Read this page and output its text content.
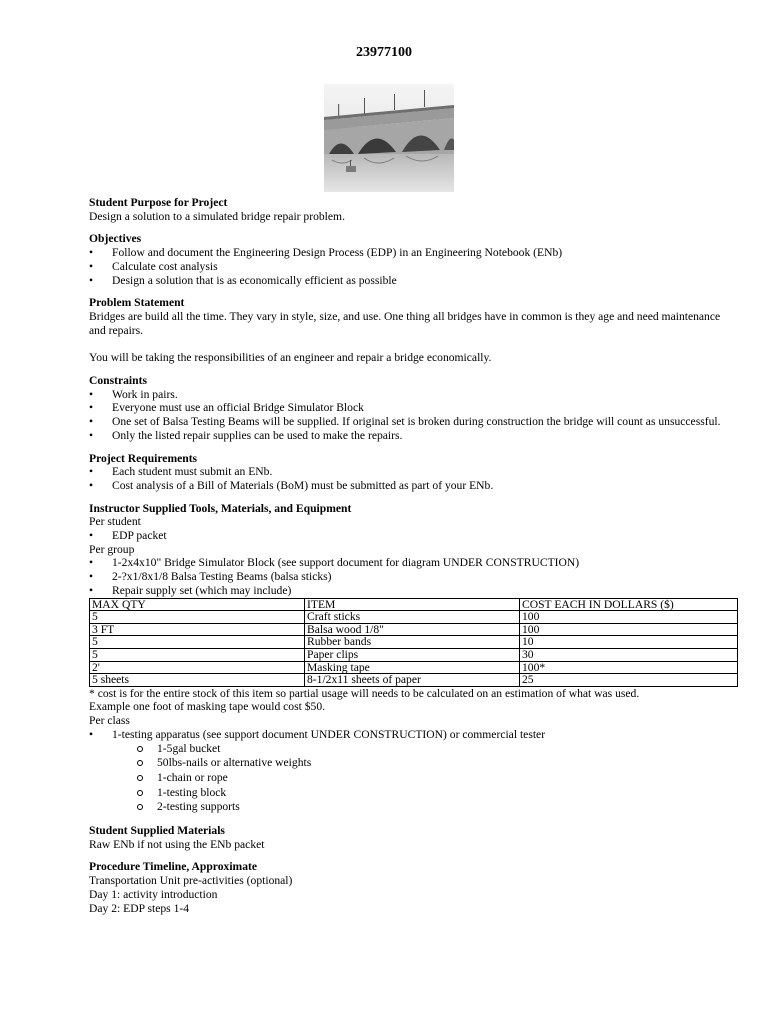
23977100
Student Purpose for Project
Design a solution to a simulated bridge repair problem.
Objectives
• Follow and document the Engineering Design Process (EDP) in an Engineering Notebook (ENb)
• Calculate cost analysis
• Design a solution that is as economically efficient as possible
Problem Statement
Bridges are build all the time. They vary in style, size, and use. One thing all bridges have in common is they age and need maintenance and repairs.
You will be taking the responsibilities of an engineer and repair a bridge economically.
Constraints
• Work in pairs.
• Everyone must use an official Bridge Simulator Block
• One set of Balsa Testing Beams will be supplied. If original set is broken during construction the bridge will count as unsuccessful.
• Only the listed repair supplies can be used to make the repairs.
Project Requirements
• Each student must submit an ENb.
• Cost analysis of a Bill of Materials (BoM) must be submitted as part of your ENb.
Instructor Supplied Tools, Materials, and Equipment
Per student
• EDP packet
Per group
• 1-2x4x10" Bridge Simulator Block (see support document for diagram UNDER CONSTRUCTION)
• 2-?x1/8x1/8 Balsa Testing Beams (balsa sticks)
• Repair supply set (which may include)
MAX QTY	ITEM	COST EACH IN DOLLARS ($)
5	Craft sticks	100
3 FT	Balsa wood 1/8"	100
5	Rubber bands	10
5	Paper clips	30
2'	Masking tape	100*
5 sheets	8-1/2x11 sheets of paper	25
* cost is for the entire stock of this item so partial usage will needs to be calculated on an estimation of what was used.
Example one foot of masking tape would cost $50.
Per class
• 1-testing apparatus (see support document UNDER CONSTRUCTION) or commercial tester
1-5gal bucket
50lbs-nails or alternative weights
1-chain or rope
1-testing block
2-testing supports
Student Supplied Materials
Raw ENb if not using the ENb packet
Procedure Timeline, Approximate
Transportation Unit pre-activities (optional)
Day 1: activity introduction
Day 2: EDP steps 1-4
